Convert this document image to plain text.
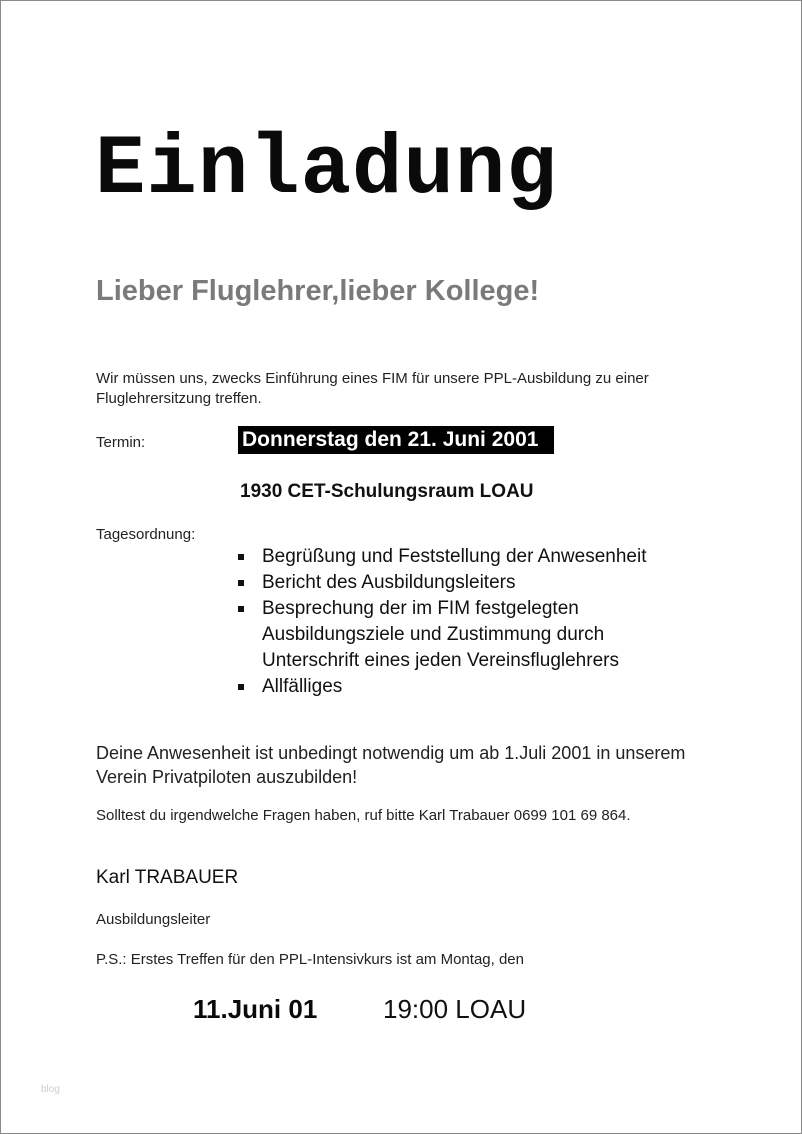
Einladung
Lieber Fluglehrer,lieber Kollege!
Wir müssen uns, zwecks Einführung eines FIM für unsere PPL-Ausbildung zu einer Fluglehrersitzung treffen.
Termin:	Donnerstag den 21. Juni 2001
1930 CET-Schulungsraum LOAU
Tagesordnung:
Begrüßung und Feststellung der Anwesenheit
Bericht des Ausbildungsleiters
Besprechung der im FIM festgelegten
Ausbildungsziele und Zustimmung durch
Unterschrift eines jeden Vereinsfluglehrers
Allfälliges
Deine Anwesenheit ist unbedingt notwendig um ab 1.Juli 2001 in unserem Verein Privatpiloten auszubilden!
Solltest du irgendwelche Fragen haben, ruf bitte Karl Trabauer 0699 101 69 864.
Karl TRABAUER
Ausbildungsleiter
P.S.: Erstes Treffen für den PPL-Intensivkurs ist am Montag, den
11.Juni 01	19:00 LOAU
blog
